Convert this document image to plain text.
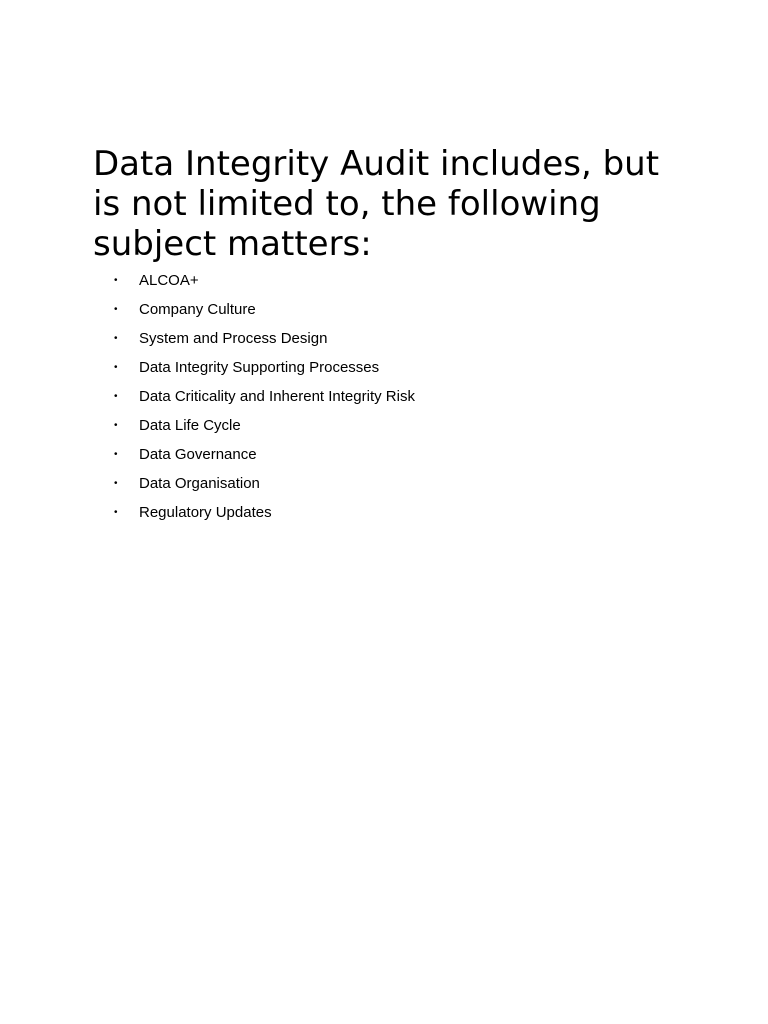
Data Integrity Audit includes, but is not limited to, the following subject matters:
• ALCOA+
• Company Culture
• System and Process Design
• Data Integrity Supporting Processes
• Data Criticality and Inherent Integrity Risk
• Data Life Cycle
• Data Governance
• Data Organisation
• Regulatory Updates
